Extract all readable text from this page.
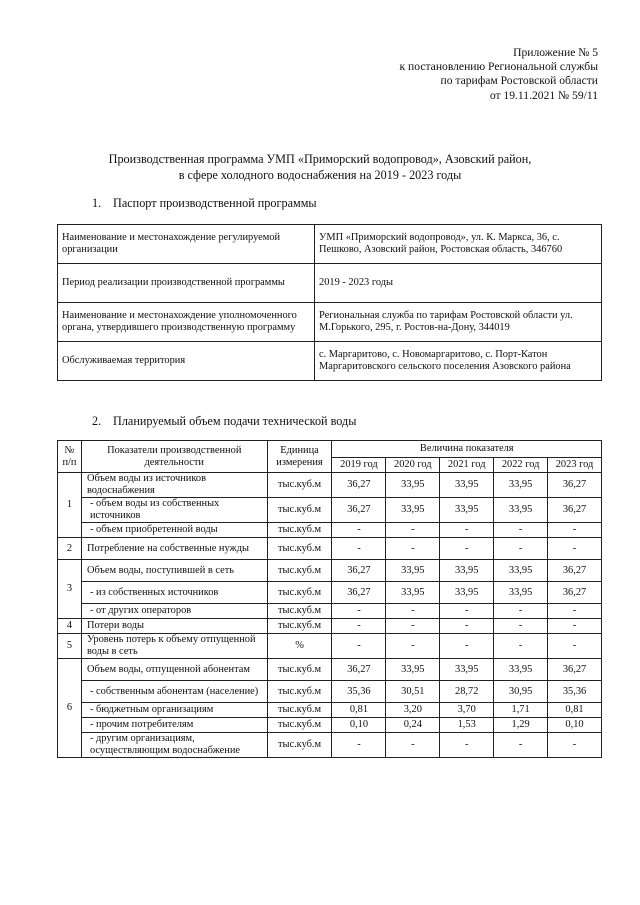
Приложение № 5
к постановлению Региональной службы
по тарифам Ростовской области
от 19.11.2021 № 59/11
Производственная программа УМП «Приморский водопровод», Азовский район,
в сфере холодного водоснабжения на 2019 - 2023 годы
1. Паспорт производственной программы
Наименование и местонахождение регулируемой организации	УМП «Приморский водопровод», ул. К. Маркса, 36, с. Пешково, Азовский район, Ростовская область, 346760
Период реализации производственной программы	2019 - 2023 годы
Наименование и местонахождение уполномоченного органа, утвердившего производственную программу	Региональная служба по тарифам Ростовской области ул. М.Горького, 295, г. Ростов-на-Дону, 344019
Обслуживаемая территория	с. Маргаритово, с. Новомаргаритово, с. Порт-Катон Маргаритовского сельского поселения Азовского района
2. Планируемый объем подачи технической воды
№ п/п	Показатели производственной деятельности	Единица измерения	Величина показателя				
			2019 год	2020 год	2021 год	2022 год	2023 год
1	Объем воды из источников водоснабжения	тыс.куб.м	36,27	33,95	33,95	33,95	36,27
	- объем воды из собственных источников	тыс.куб.м	36,27	33,95	33,95	33,95	36,27
	- объем приобретенной воды	тыс.куб.м	-	-	-	-	-
2	Потребление на собственные нужды	тыс.куб.м	-	-	-	-	-
3	Объем воды, поступившей в сеть	тыс.куб.м	36,27	33,95	33,95	33,95	36,27
	- из собственных источников	тыс.куб.м	36,27	33,95	33,95	33,95	36,27
	- от других операторов	тыс.куб.м	-	-	-	-	-
4	Потери воды	тыс.куб.м	-	-	-	-	-
5	Уровень потерь к объему отпущенной воды в сеть	%	-	-	-	-	-
6	Объем воды, отпущенной абонентам	тыс.куб.м	36,27	33,95	33,95	33,95	36,27
	- собственным абонентам (население)	тыс.куб.м	35,36	30,51	28,72	30,95	35,36
	- бюджетным организациям	тыс.куб.м	0,81	3,20	3,70	1,71	0,81
	- прочим потребителям	тыс.куб.м	0,10	0,24	1,53	1,29	0,10
	- другим организациям, осуществляющим водоснабжение	тыс.куб.м	-	-	-	-	-
